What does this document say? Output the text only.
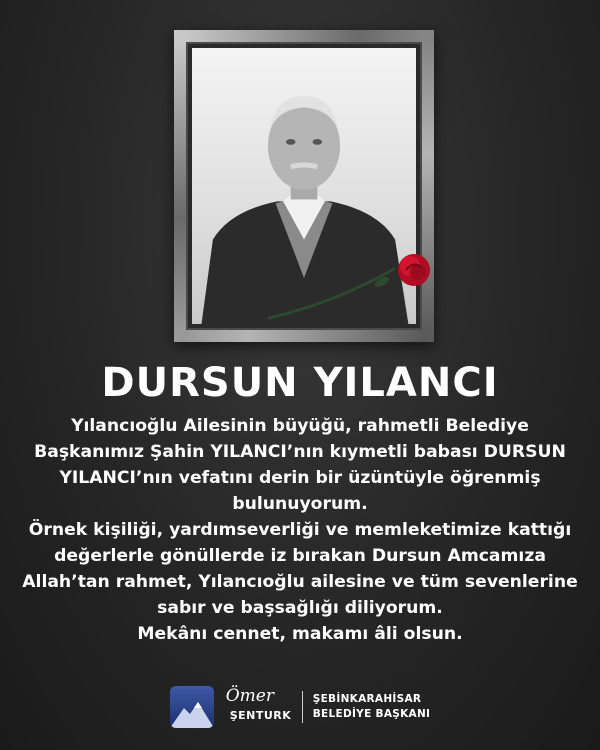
DURSUN YILANCI

Yılancıoğlu Ailesinin büyüğü, rahmetli Belediye

Başkanımız Şahin YILANCI’nın kıymetli babası DURSUN

YILANCI’nın vefatını derin bir üzüntüyle öğrenmiş

bulunuyorum.

Örnek kişiliği, yardımseverliği ve memleketimize kattığı

değerlerle gönüllerde iz bırakan Dursun Amcamıza

Allah’tan rahmet, Yılancıoğlu ailesine ve tüm sevenlerine

sabır ve başsağlığı diliyorum.

Mekânı cennet, makamı âli olsun.

Ömer
ŞENTURK
ŞEBİNKARAHİSAR
BELEDİYE BAŞKANI
